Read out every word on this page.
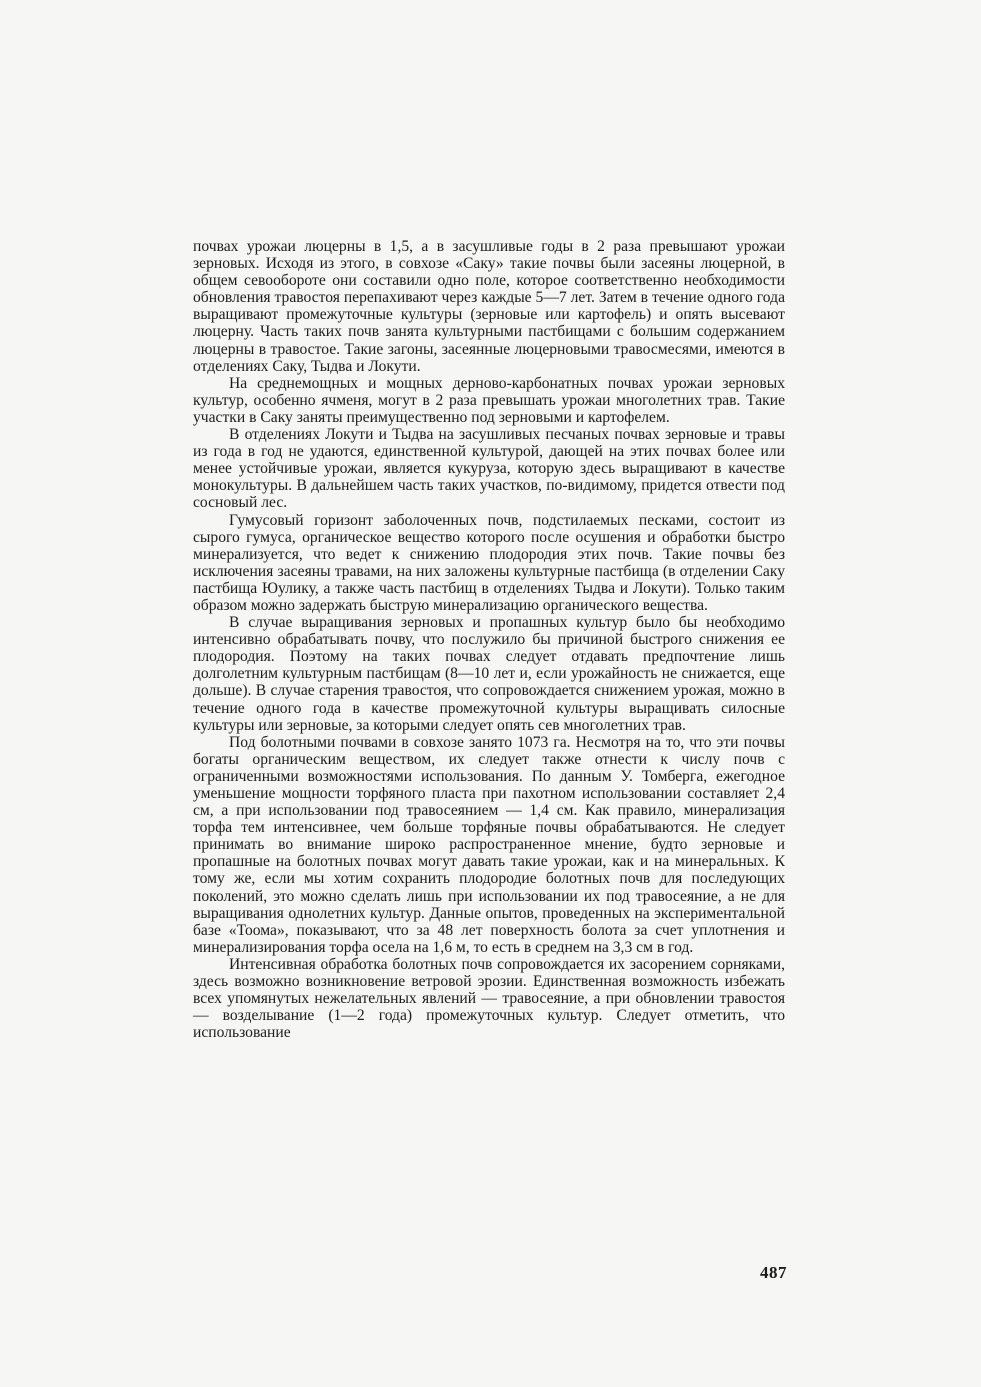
почвах урожаи люцерны в 1,5, а в засушливые годы в 2 раза превышают урожаи зерновых. Исходя из этого, в совхозе «Саку» такие почвы были засеяны люцерной, в общем севообороте они составили одно поле, которое соответственно необходимости обновления травостоя перепахивают через каждые 5—7 лет. Затем в течение одного года выращивают промежуточные культуры (зерновые или картофель) и опять высевают люцерну. Часть таких почв занята культурными пастбищами с большим содержанием люцерны в травостое. Такие загоны, засеянные люцерновыми травосмесями, имеются в отделениях Саку, Тыдва и Локути.

На среднемощных и мощных дерново-карбонатных почвах урожаи зерновых культур, особенно ячменя, могут в 2 раза превышать урожаи многолетних трав. Такие участки в Саку заняты преимущественно под зерновыми и картофелем.

В отделениях Локути и Тыдва на засушливых песчаных почвах зерновые и травы из года в год не удаются, единственной культурой, дающей на этих почвах более или менее устойчивые урожаи, является кукуруза, которую здесь выращивают в качестве монокультуры. В дальнейшем часть таких участков, по-видимому, придется отвести под сосновый лес.

Гумусовый горизонт заболоченных почв, подстилаемых песками, состоит из сырого гумуса, органическое вещество которого после осушения и обработки быстро минерализуется, что ведет к снижению плодородия этих почв. Такие почвы без исключения засеяны травами, на них заложены культурные пастбища (в отделении Саку пастбища Юулику, а также часть пастбищ в отделениях Тыдва и Локути). Только таким образом можно задержать быструю минерализацию органического вещества.

В случае выращивания зерновых и пропашных культур было бы необходимо интенсивно обрабатывать почву, что послужило бы причиной быстрого снижения ее плодородия. Поэтому на таких почвах следует отдавать предпочтение лишь долголетним культурным пастбищам (8—10 лет и, если урожайность не снижается, еще дольше). В случае старения травостоя, что сопровождается снижением урожая, можно в течение одного года в качестве промежуточной культуры выращивать силосные культуры или зерновые, за которыми следует опять сев многолетних трав.

Под болотными почвами в совхозе занято 1073 га. Несмотря на то, что эти почвы богаты органическим веществом, их следует также отнести к числу почв с ограниченными возможностями использования. По данным У. Томберга, ежегодное уменьшение мощности торфяного пласта при пахотном использовании составляет 2,4 см, а при использовании под травосеянием — 1,4 см. Как правило, минерализация торфа тем интенсивнее, чем больше торфяные почвы обрабатываются. Не следует принимать во внимание широко распространенное мнение, будто зерновые и пропашные на болотных почвах могут давать такие урожаи, как и на минеральных. К тому же, если мы хотим сохранить плодородие болотных почв для последующих поколений, это можно сделать лишь при использовании их под травосеяние, а не для выращивания однолетних культур. Данные опытов, проведенных на экспериментальной базе «Тоома», показывают, что за 48 лет поверхность болота за счет уплотнения и минерализирования торфа осела на 1,6 м, то есть в среднем на 3,3 см в год.

Интенсивная обработка болотных почв сопровождается их засорением сорняками, здесь возможно возникновение ветровой эрозии. Единственная возможность избежать всех упомянутых нежелательных явлений — травосеяние, а при обновлении травостоя — возделывание (1—2 года) промежуточных культур. Следует отметить, что использование

487
